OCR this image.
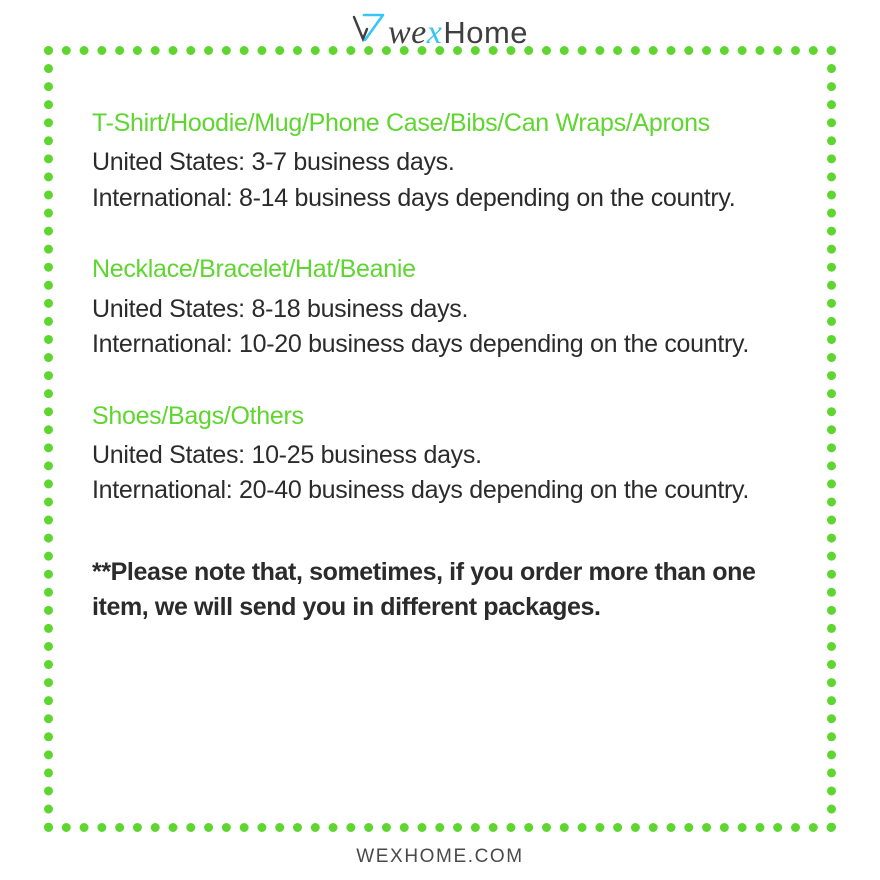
we x Home

T-Shirt/Hoodie/Mug/Phone Case/Bibs/Can Wraps/Aprons

United States: 3-7 business days.

International: 8-14 business days depending on the country.

Necklace/Bracelet/Hat/Beanie

United States: 8-18 business days.

International: 10-20 business days depending on the country.

Shoes/Bags/Others

United States: 10-25 business days.

International: 20-40 business days depending on the country.

**Please note that, sometimes, if you order more than one item, we will send you in different packages.

WEXHOME.COM
